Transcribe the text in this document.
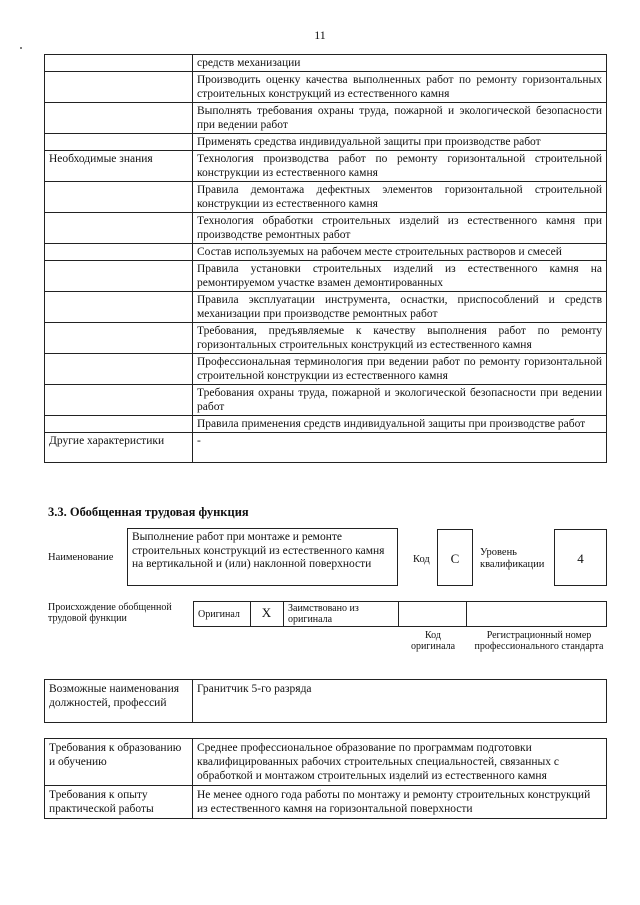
11
	средств механизации
	Производить оценку качества выполненных работ по ремонту горизонтальных строительных конструкций из естественного камня
	Выполнять требования охраны труда, пожарной и экологической безопасности при ведении работ
	Применять средства индивидуальной защиты при производстве работ
Необходимые знания	Технология производства работ по ремонту горизонтальной строительной конструкции из естественного камня
	Правила демонтажа дефектных элементов горизонтальной строительной конструкции из естественного камня
	Технология обработки строительных изделий из естественного камня при производстве ремонтных работ
	Состав используемых на рабочем месте строительных растворов и смесей
	Правила установки строительных изделий из естественного камня на ремонтируемом участке взамен демонтированных
	Правила эксплуатации инструмента, оснастки, приспособлений и средств механизации при производстве ремонтных работ
	Требования, предъявляемые к качеству выполнения работ по ремонту горизонтальных строительных конструкций из естественного камня
	Профессиональная терминология при ведении работ по ремонту горизонтальной строительной конструкции из естественного камня
	Требования охраны труда, пожарной и экологической безопасности при ведении работ
	Правила применения средств индивидуальной защиты при производстве работ
Другие характеристики	-
3.3. Обобщенная трудовая функция
Наименование
Выполнение работ при монтаже и ремонте строительных конструкций из естественного камня на вертикальной и (или) наклонной поверхности	Код	C	Уровень квалификации	4
Происхождение обобщенной трудовой функции	Оригинал	X	Заимствовано из оригинала
Код оригинала
Регистрационный номер профессионального стандарта
Возможные наименования должностей, профессий	Гранитчик 5-го разряда
Требования к образованию и обучению	Среднее профессиональное образование по программам подготовки квалифицированных рабочих строительных специальностей, связанных с обработкой и монтажом строительных изделий из естественного камня
Требования к опыту практической работы	Не менее одного года работы по монтажу и ремонту строительных конструкций из естественного камня на горизонтальной поверхности
